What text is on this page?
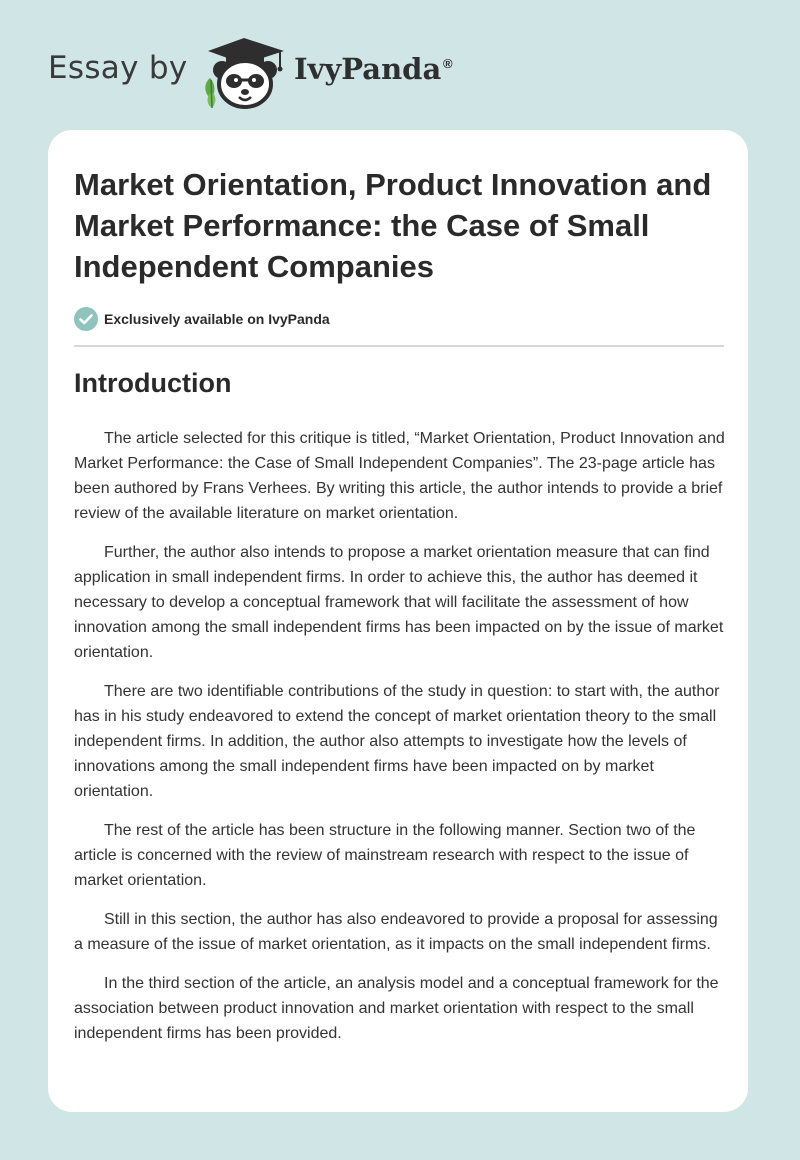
Essay by	IvyPanda ®
Market Orientation, Product Innovation and Market Performance: the Case of Small Independent Companies
Exclusively available on IvyPanda
Introduction

The article selected for this critique is titled, “Market Orientation, Product Innovation and Market Performance: the Case of Small Independent Companies”. The 23-page article has been authored by Frans Verhees. By writing this article, the author intends to provide a brief review of the available literature on market orientation.

Further, the author also intends to propose a market orientation measure that can find application in small independent firms. In order to achieve this, the author has deemed it necessary to develop a conceptual framework that will facilitate the assessment of how innovation among the small independent firms has been impacted on by the issue of market orientation.

There are two identifiable contributions of the study in question: to start with, the author has in his study endeavored to extend the concept of market orientation theory to the small independent firms. In addition, the author also attempts to investigate how the levels of innovations among the small independent firms have been impacted on by market orientation.

The rest of the article has been structure in the following manner. Section two of the article is concerned with the review of mainstream research with respect to the issue of market orientation.

Still in this section, the author has also endeavored to provide a proposal for assessing a measure of the issue of market orientation, as it impacts on the small independent firms.

In the third section of the article, an analysis model and a conceptual framework for the association between product innovation and market orientation with respect to the small independent firms has been provided.
